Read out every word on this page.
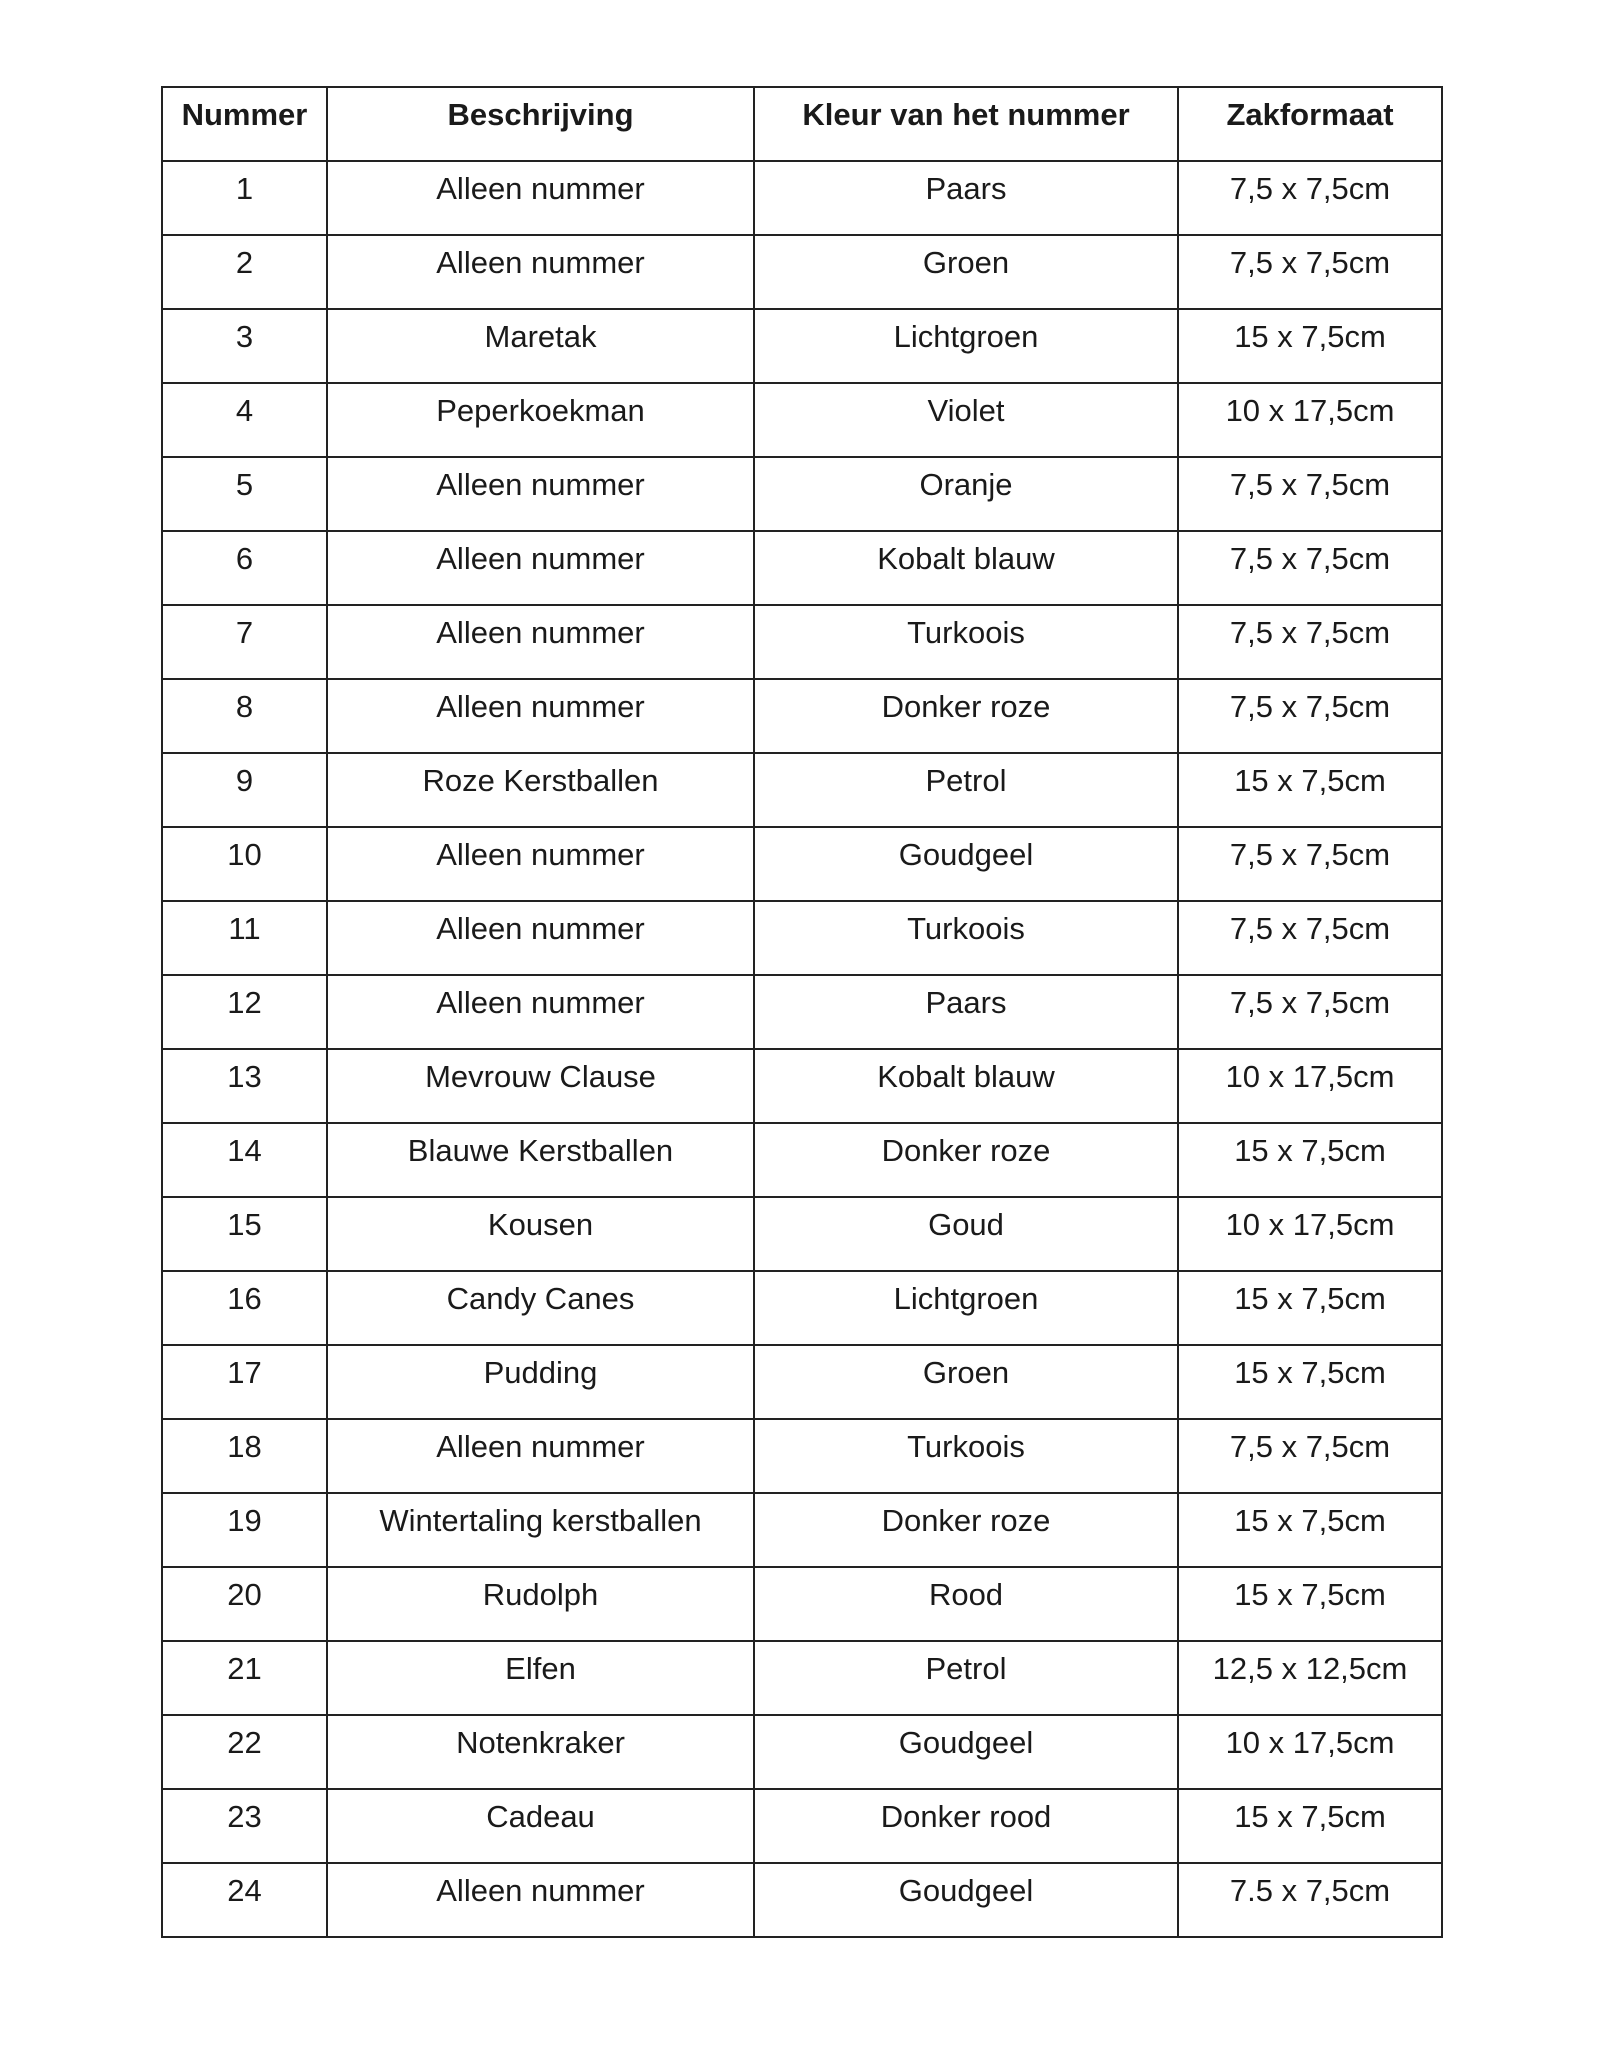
Nummer	Beschrijving	Kleur van het nummer	Zakformaat

1	Alleen nummer	Paars	7,5 x 7,5cm

2	Alleen nummer	Groen	7,5 x 7,5cm

3	Maretak	Lichtgroen	15 x 7,5cm

4	Peperkoekman	Violet	10 x 17,5cm

5	Alleen nummer	Oranje	7,5 x 7,5cm

6	Alleen nummer	Kobalt blauw	7,5 x 7,5cm

7	Alleen nummer	Turkoois	7,5 x 7,5cm

8	Alleen nummer	Donker roze	7,5 x 7,5cm

9	Roze Kerstballen	Petrol	15 x 7,5cm

10	Alleen nummer	Goudgeel	7,5 x 7,5cm

11	Alleen nummer	Turkoois	7,5 x 7,5cm

12	Alleen nummer	Paars	7,5 x 7,5cm

13	Mevrouw Clause	Kobalt blauw	10 x 17,5cm

14	Blauwe Kerstballen	Donker roze	15 x 7,5cm

15	Kousen	Goud	10 x 17,5cm

16	Candy Canes	Lichtgroen	15 x 7,5cm

17	Pudding	Groen	15 x 7,5cm

18	Alleen nummer	Turkoois	7,5 x 7,5cm

19	Wintertaling kerstballen	Donker roze	15 x 7,5cm

20	Rudolph	Rood	15 x 7,5cm

21	Elfen	Petrol	12,5 x 12,5cm

22	Notenkraker	Goudgeel	10 x 17,5cm

23	Cadeau	Donker rood	15 x 7,5cm

24	Alleen nummer	Goudgeel	7.5 x 7,5cm
